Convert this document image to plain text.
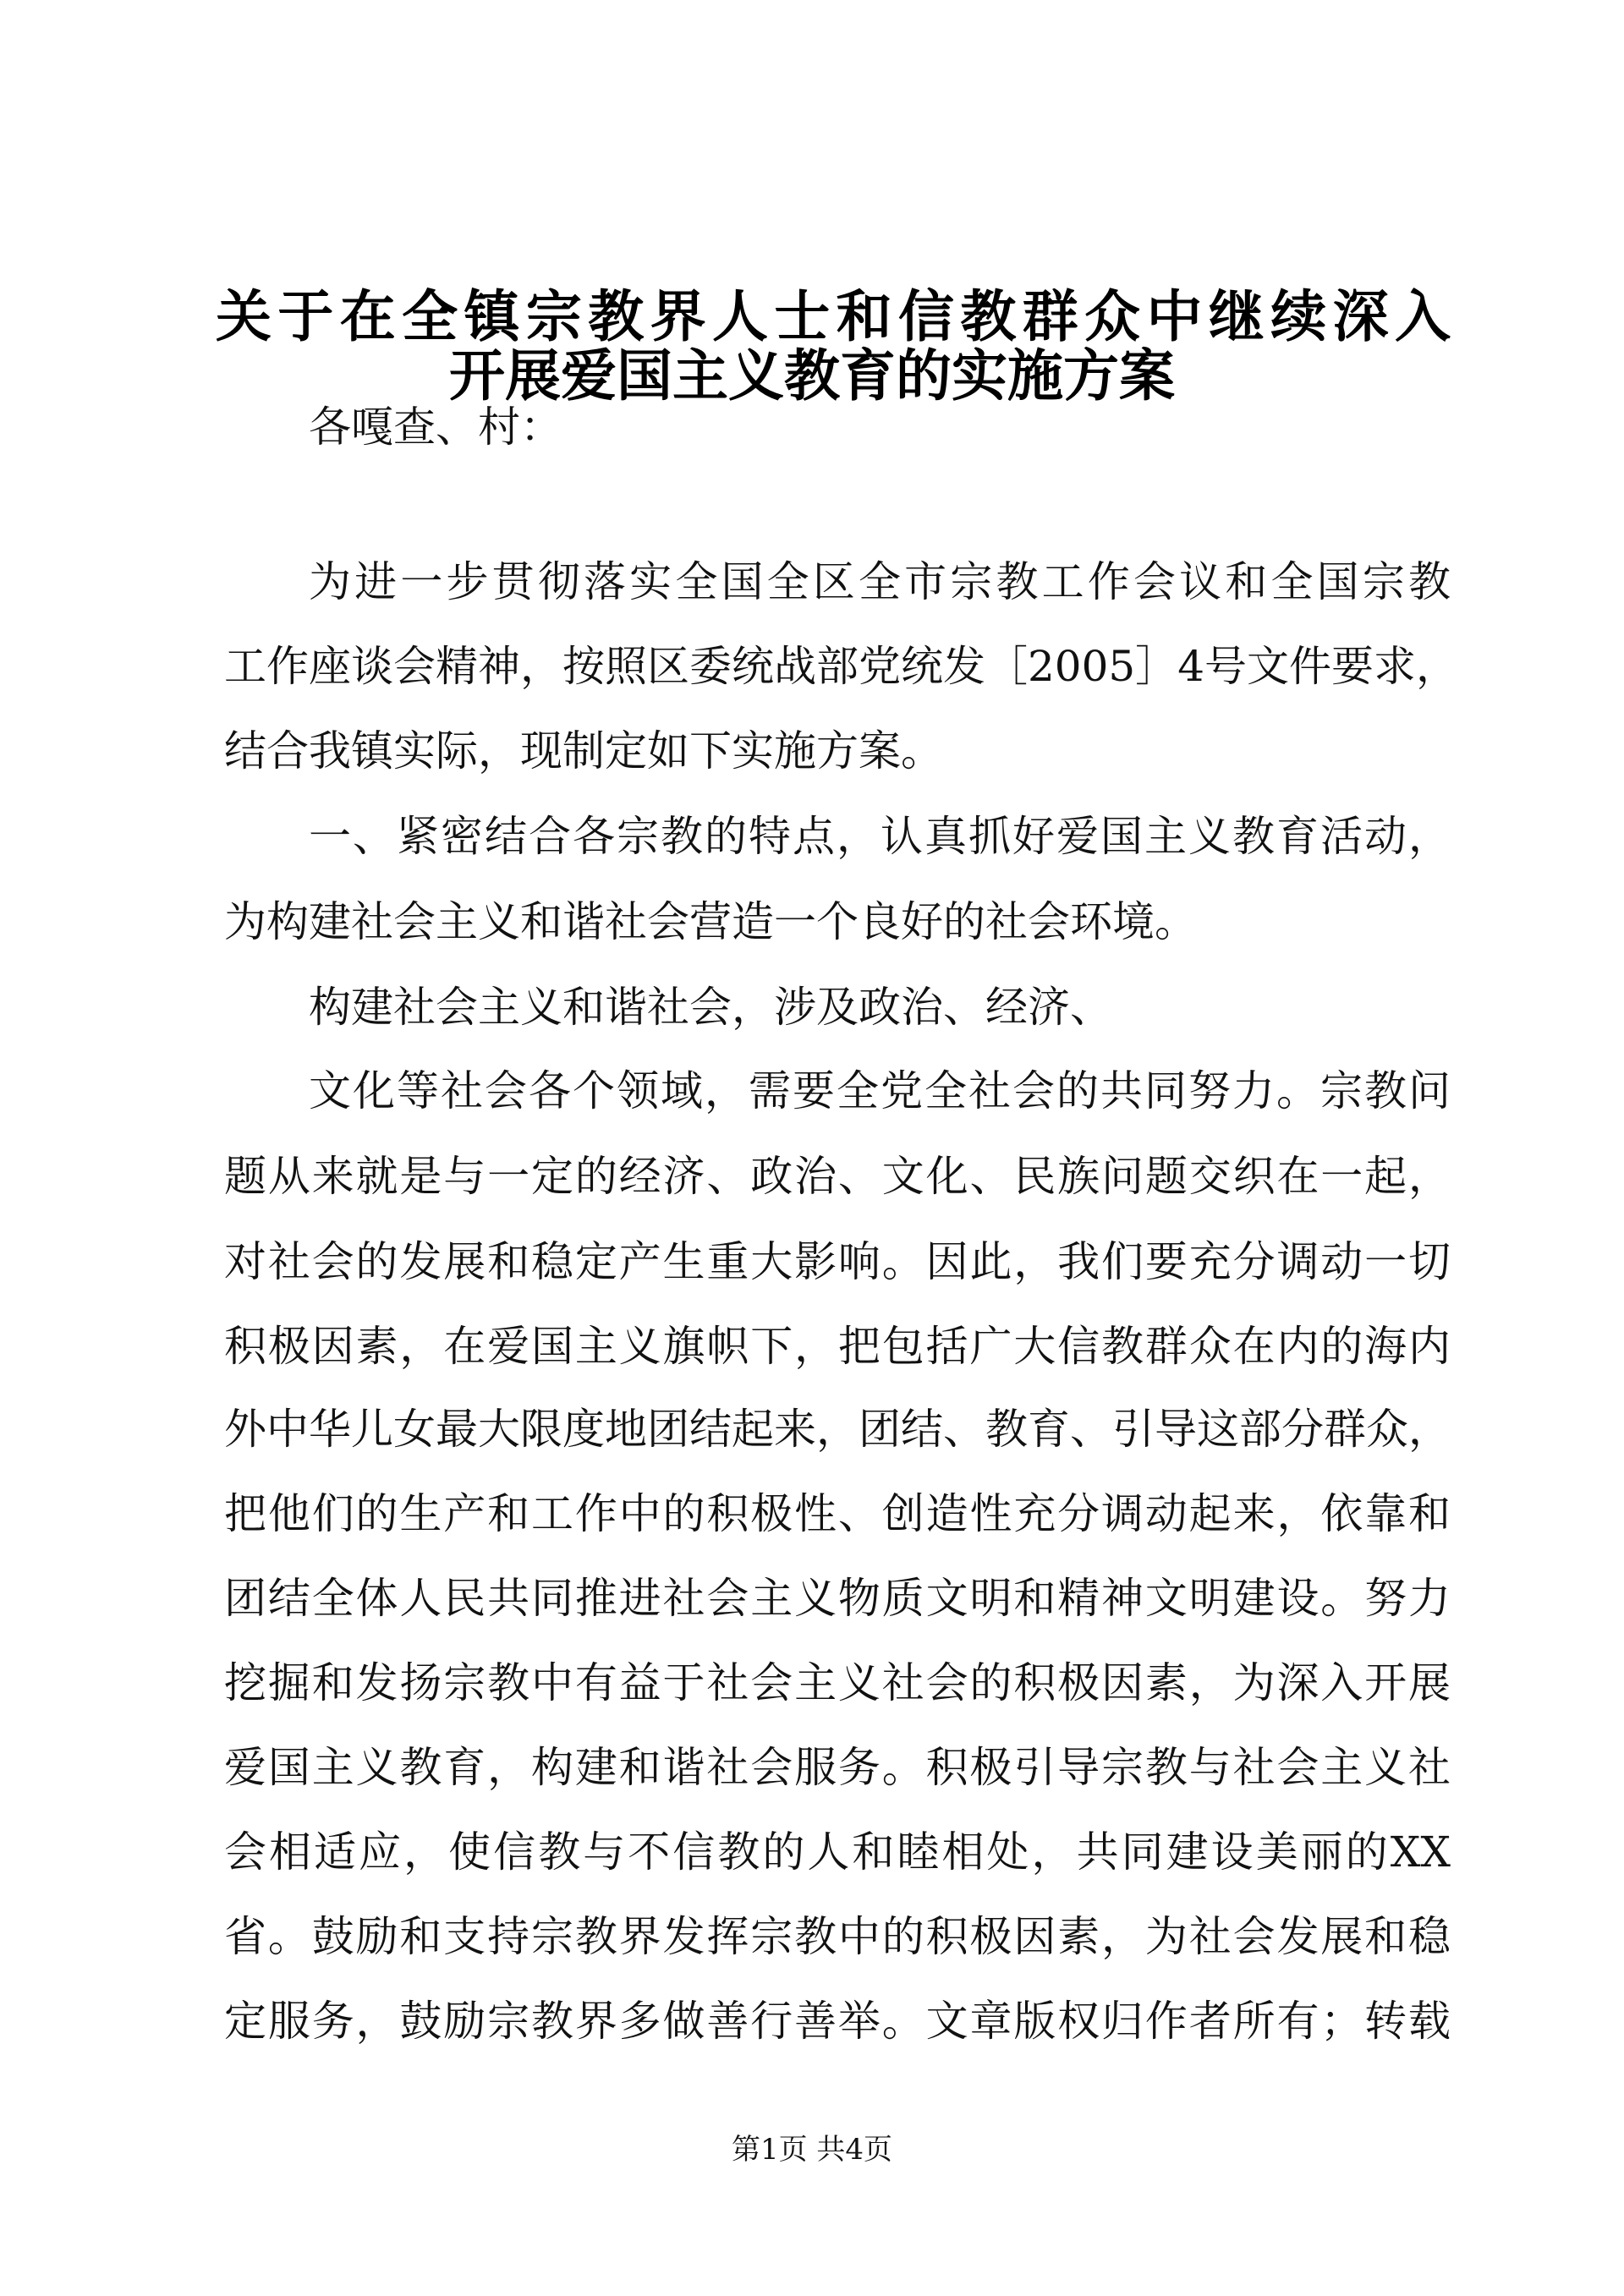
关于在全镇宗教界人士和信教群众中继续深入
开展爱国主义教育的实施方案
各嘎查、村：
为进一步贯彻落实全国全区全市宗教工作会议和全国宗教
工作座谈会精神，按照区委统战部党统发［2005］4号文件要求，
结合我镇实际，现制定如下实施方案。
一、紧密结合各宗教的特点，认真抓好爱国主义教育活动，
为构建社会主义和谐社会营造一个良好的社会环境。
构建社会主义和谐社会，涉及政治、经济、
文化等社会各个领域，需要全党全社会的共同努力。宗教问
题从来就是与一定的经济、政治、文化、民族问题交织在一起，
对社会的发展和稳定产生重大影响。因此，我们要充分调动一切
积极因素，在爱国主义旗帜下，把包括广大信教群众在内的海内
外中华儿女最大限度地团结起来，团结、教育、引导这部分群众，
把他们的生产和工作中的积极性、创造性充分调动起来，依靠和
团结全体人民共同推进社会主义物质文明和精神文明建设。努力
挖掘和发扬宗教中有益于社会主义社会的积极因素，为深入开展
爱国主义教育，构建和谐社会服务。积极引导宗教与社会主义社
会相适应，使信教与不信教的人和睦相处，共同建设美丽的XX
省。鼓励和支持宗教界发挥宗教中的积极因素，为社会发展和稳
定服务，鼓励宗教界多做善行善举。文章版权归作者所有；转载
第1页 共4页
